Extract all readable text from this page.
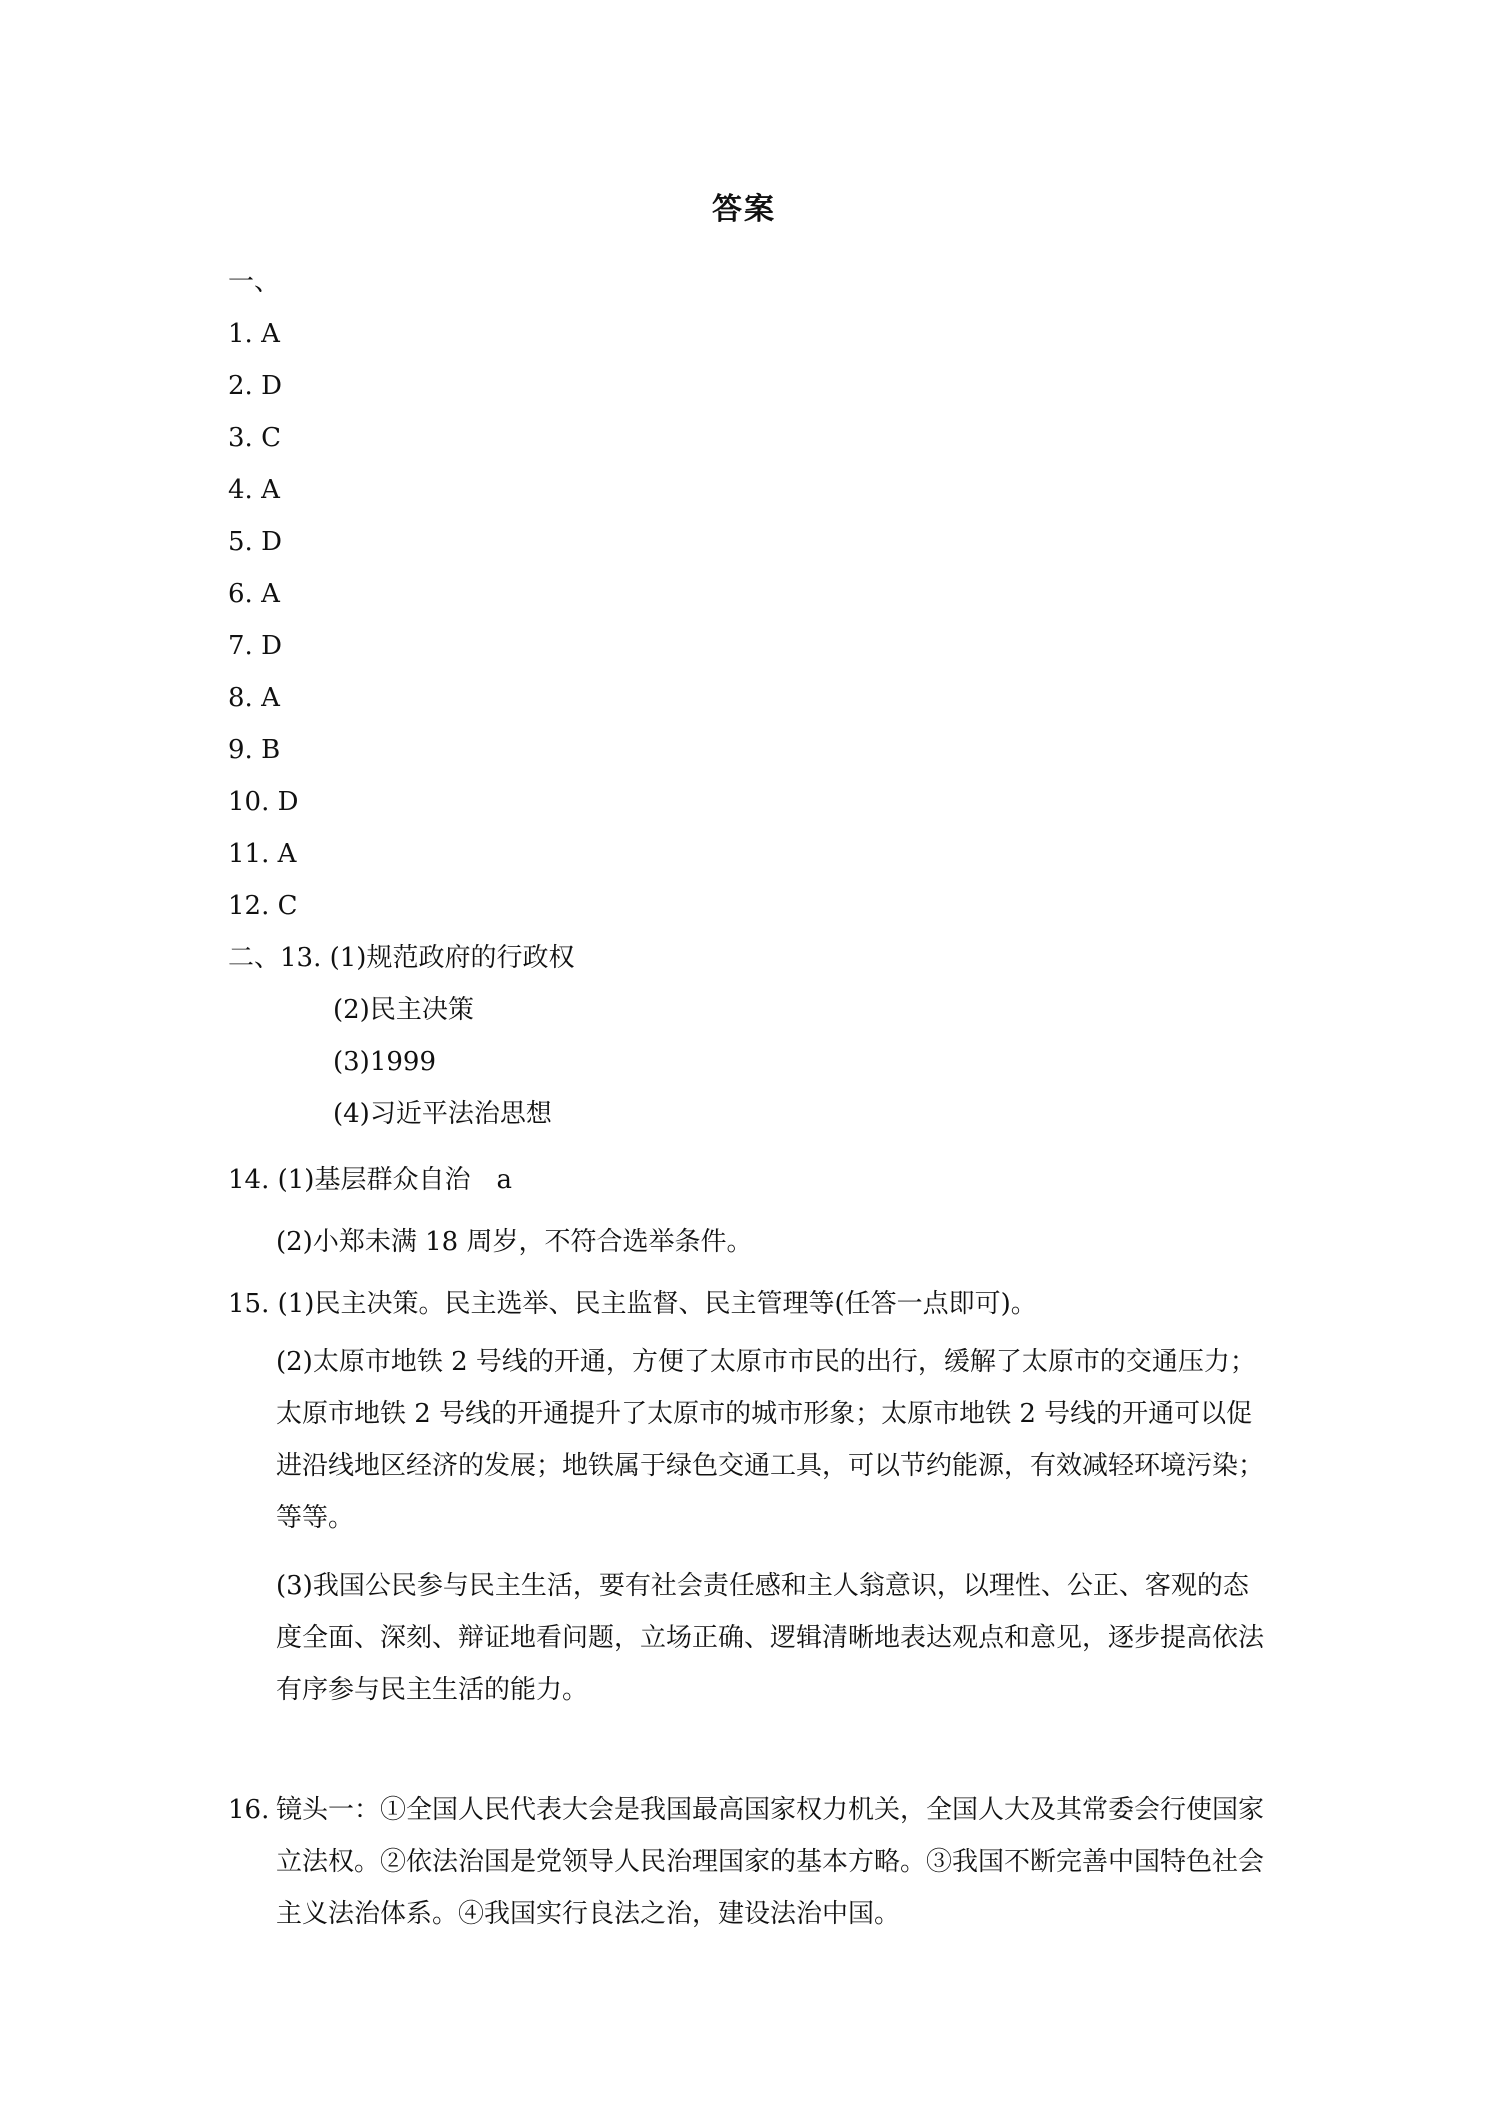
答案
一、
1. A
2. D
3. C
4. A
5. D
6. A
7. D
8. A
9. B
10. D
11. A
12. C
二、13. (1)规范政府的行政权
(2)民主决策
(3)1999
(4)习近平法治思想
14. (1)基层群众自治　a
(2)小郑未满 18 周岁，不符合选举条件。
15. (1)民主决策。民主选举、民主监督、民主管理等(任答一点即可)。
(2)太原市地铁 2 号线的开通，方便了太原市市民的出行，缓解了太原市的交通压力；太原市地铁 2 号线的开通提升了太原市的城市形象；太原市地铁 2 号线的开通可以促进沿线地区经济的发展；地铁属于绿色交通工具，可以节约能源，有效减轻环境污染；等等。
(3)我国公民参与民主生活，要有社会责任感和主人翁意识，以理性、公正、客观的态度全面、深刻、辩证地看问题，立场正确、逻辑清晰地表达观点和意见，逐步提高依法有序参与民主生活的能力。
16. 镜头一：①全国人民代表大会是我国最高国家权力机关，全国人大及其常委会行使国家立法权。②依法治国是党领导人民治理国家的基本方略。③我国不断完善中国特色社会主义法治体系。④我国实行良法之治，建设法治中国。
